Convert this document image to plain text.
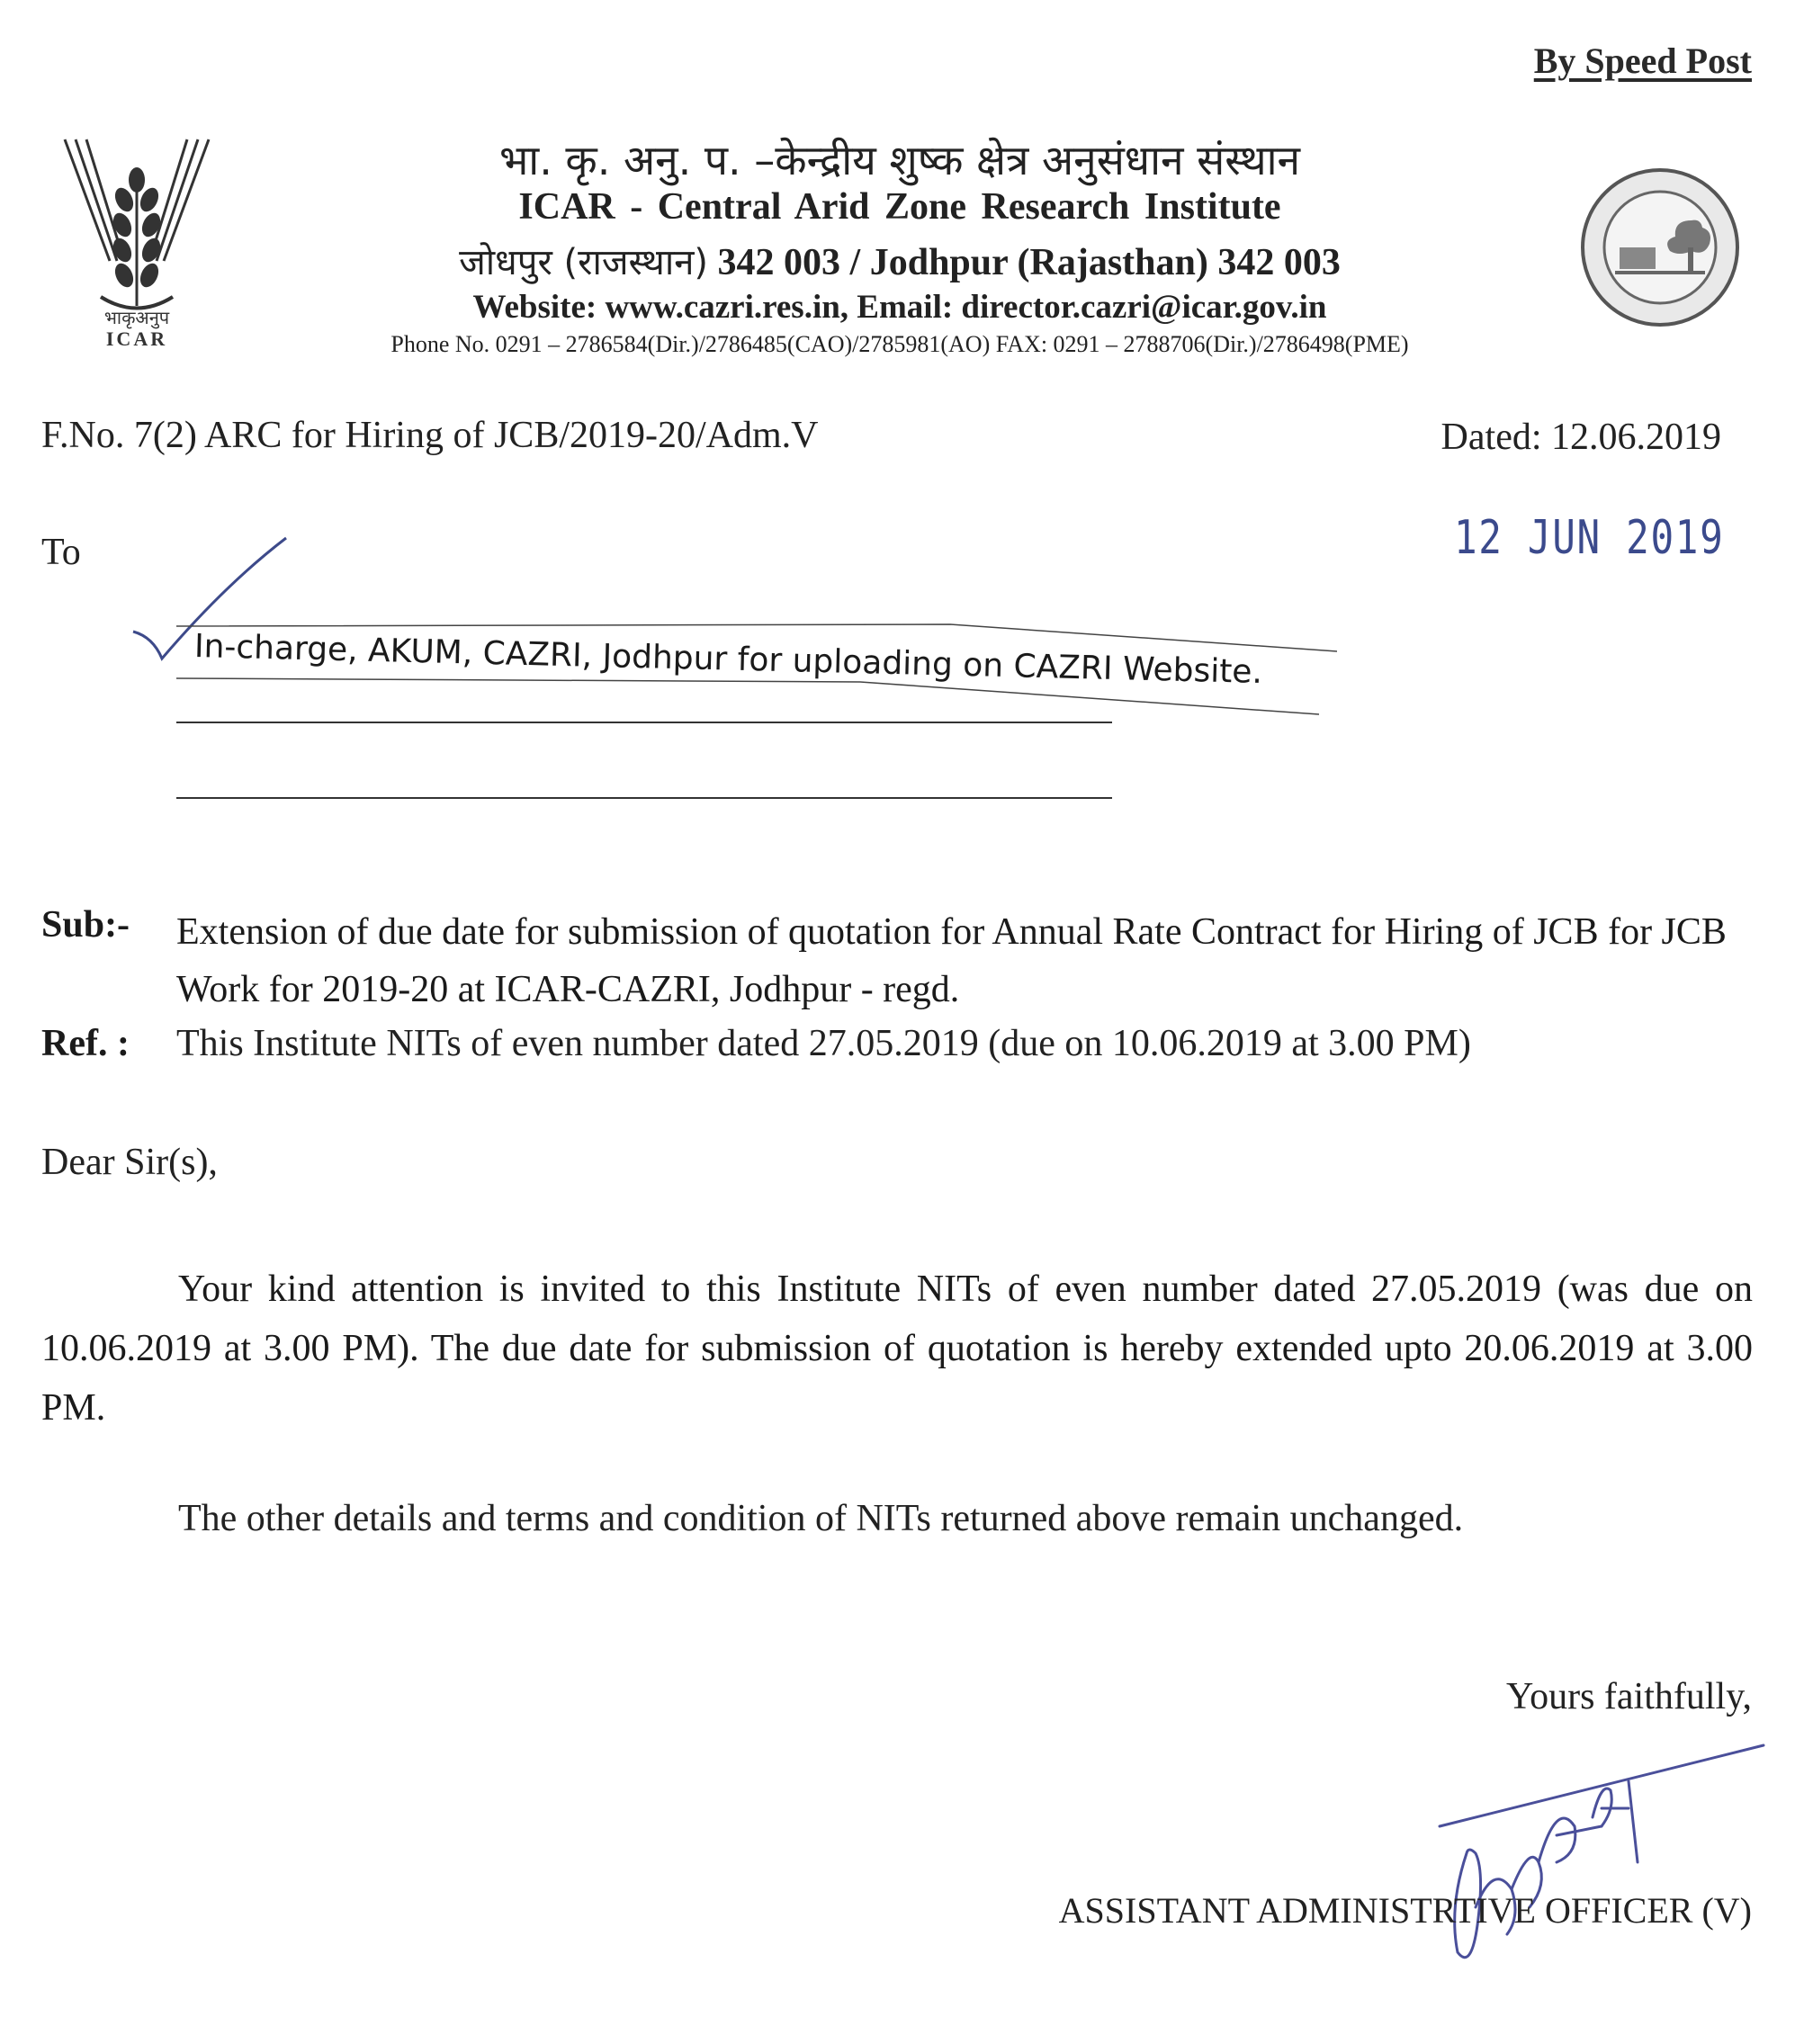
By Speed Post
भाकृअनुप
ICAR
भा. कृ. अनु. प. –केन्द्रीय शुष्क क्षेत्र अनुसंधान संस्थान
ICAR - Central Arid Zone Research Institute
जोधपुर (राजस्थान) 342 003 / Jodhpur (Rajasthan) 342 003
Website: www.cazri.res.in, Email: director.cazri@icar.gov.in
Phone No. 0291 – 2786584(Dir.)/2786485(CAO)/2785981(AO) FAX: 0291 – 2788706(Dir.)/2786498(PME)
F.No. 7(2) ARC for Hiring of JCB/2019-20/Adm.V	Dated: 12.06.2019
12 JUN 2019
To
In-charge, AKUM, CAZRI, Jodhpur for uploading on CAZRI Website.
Sub:- Extension of due date for submission of quotation for Annual Rate Contract for Hiring of JCB for JCB Work for 2019-20 at ICAR-CAZRI, Jodhpur - regd.
Ref. : This Institute NITs of even number dated 27.05.2019 (due on 10.06.2019 at 3.00 PM)
Dear Sir(s),
Your kind attention is invited to this Institute NITs of even number dated 27.05.2019 (was due on 10.06.2019 at 3.00 PM). The due date for submission of quotation is hereby extended upto 20.06.2019 at 3.00 PM.
The other details and terms and condition of NITs returned above remain unchanged.
Yours faithfully,
ASSISTANT ADMINISTRTIVE OFFICER (V)
